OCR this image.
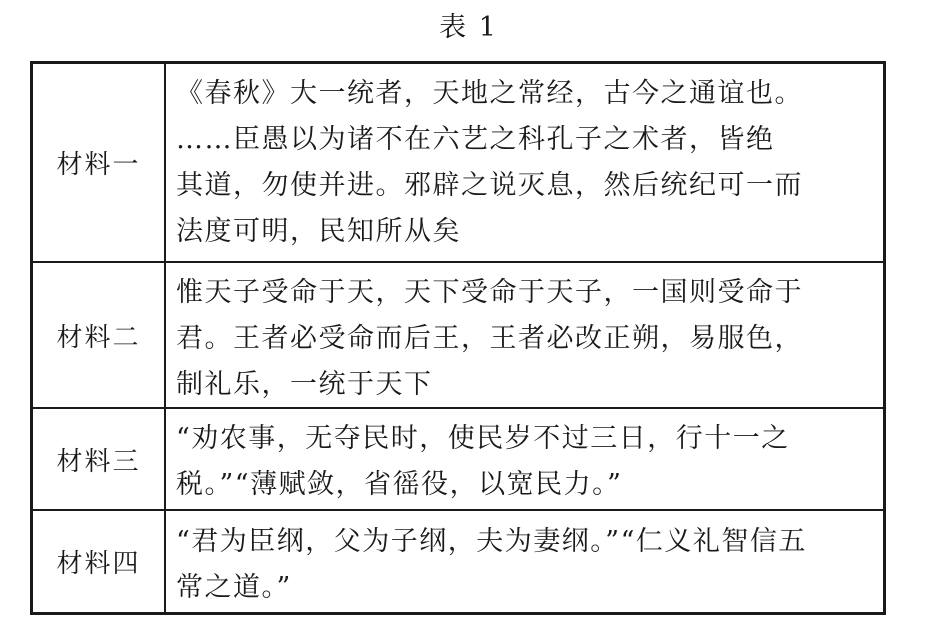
表 1
材料一
《春秋》大一统者，天地之常经，古今之通谊也。
……臣愚以为诸不在六艺之科孔子之术者，皆绝
其道，勿使并进。邪辟之说灭息，然后统纪可一而
法度可明，民知所从矣
材料二
惟天子受命于天，天下受命于天子，一国则受命于
君。王者必受命而后王，王者必改正朔，易服色，
制礼乐，一统于天下
材料三
“劝农事，无夺民时，使民岁不过三日，行十一之
税。”“薄赋敛，省徭役，以宽民力。”
材料四
“君为臣纲，父为子纲，夫为妻纲。”“仁义礼智信五
常之道。”
